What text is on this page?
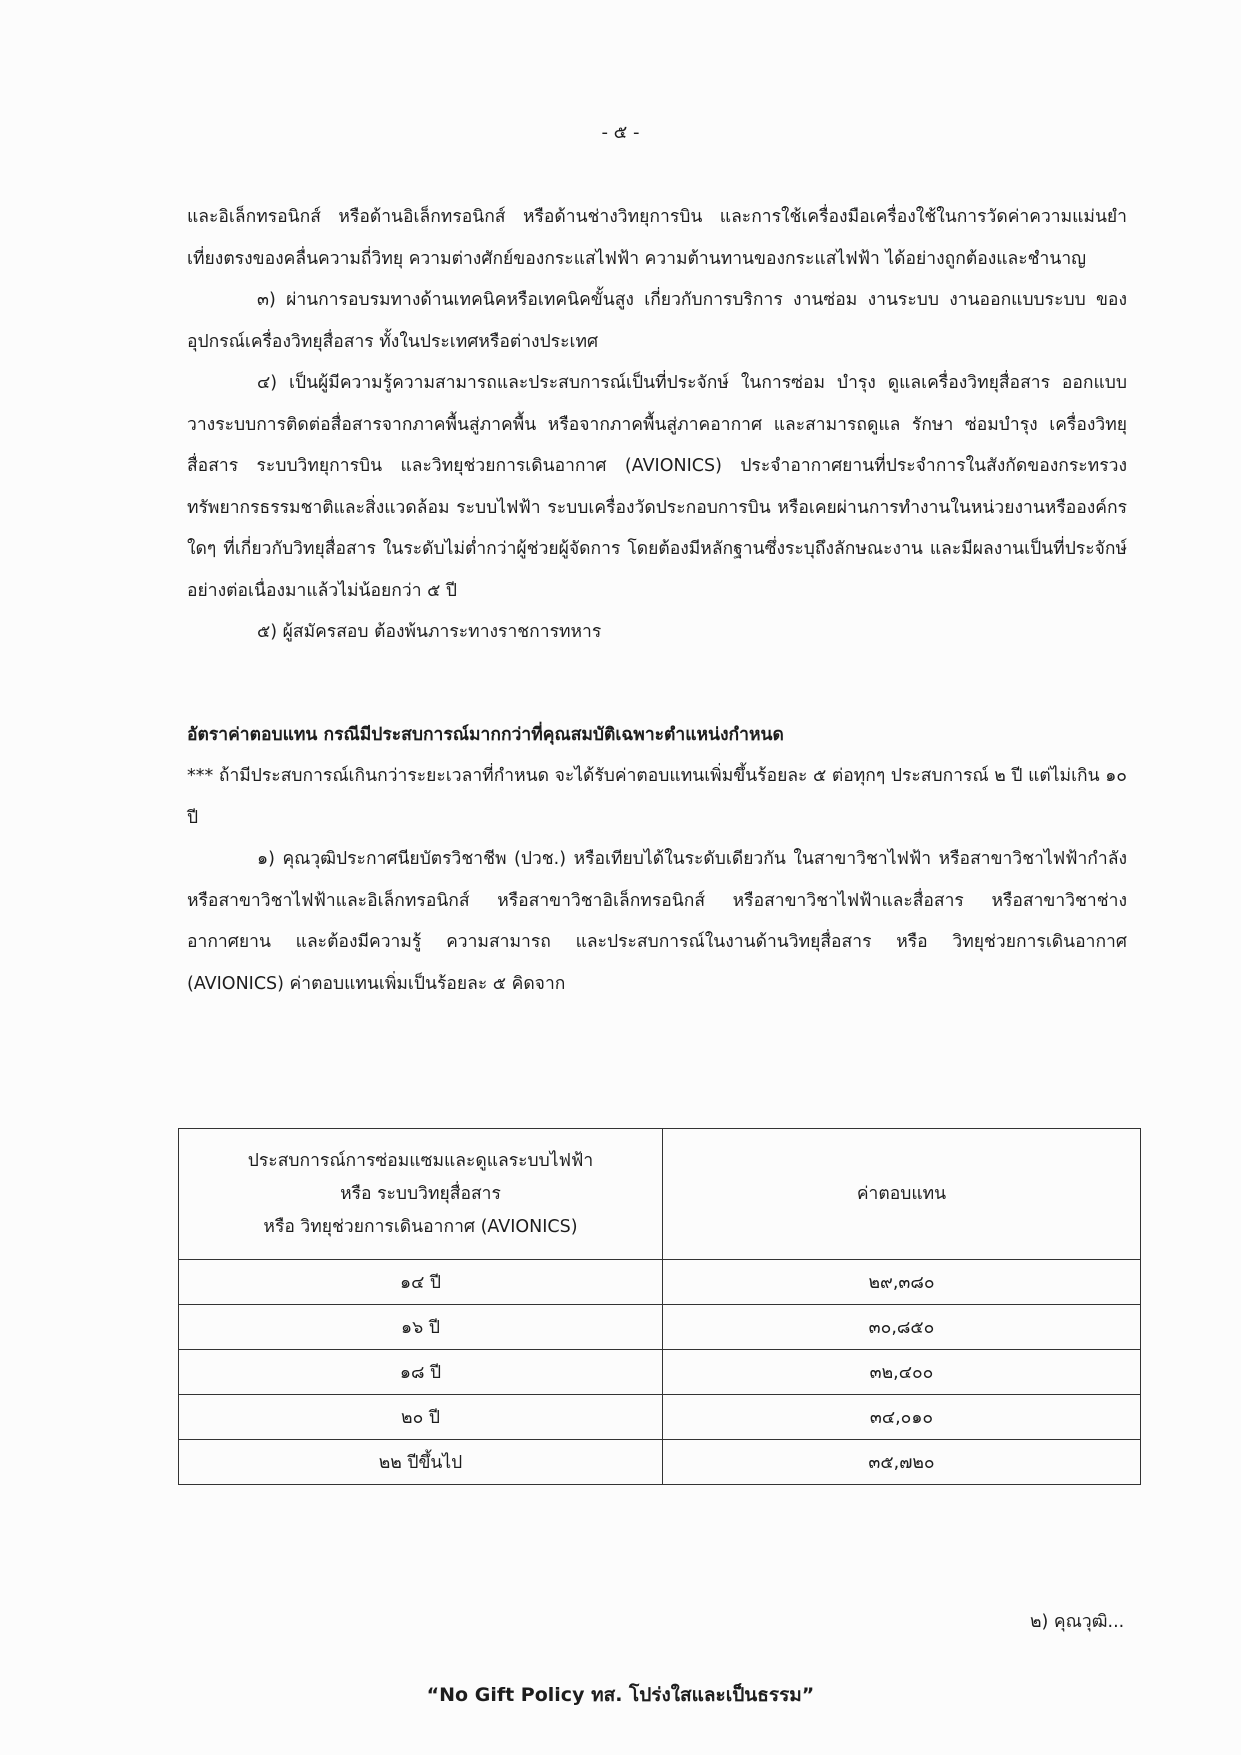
- ๕ -

และอิเล็กทรอนิกส์ หรือด้านอิเล็กทรอนิกส์ หรือด้านช่างวิทยุการบิน และการใช้เครื่องมือเครื่องใช้ในการวัดค่าความแม่นยำ เที่ยงตรงของคลื่นความถี่วิทยุ ความต่างศักย์ของกระแสไฟฟ้า ความต้านทานของกระแสไฟฟ้า ได้อย่างถูกต้องและชำนาญ

๓) ผ่านการอบรมทางด้านเทคนิคหรือเทคนิคขั้นสูง เกี่ยวกับการบริการ งานซ่อม งานระบบ งานออกแบบระบบ ของอุปกรณ์เครื่องวิทยุสื่อสาร ทั้งในประเทศหรือต่างประเทศ

๔) เป็นผู้มีความรู้ความสามารถและประสบการณ์เป็นที่ประจักษ์ ในการซ่อม บำรุง ดูแลเครื่องวิทยุสื่อสาร ออกแบบ วางระบบการติดต่อสื่อสารจากภาคพื้นสู่ภาคพื้น หรือจากภาคพื้นสู่ภาคอากาศ และสามารถดูแล รักษา ซ่อมบำรุง เครื่องวิทยุสื่อสาร ระบบวิทยุการบิน และวิทยุช่วยการเดินอากาศ (AVIONICS) ประจำอากาศยานที่ประจำการในสังกัดของกระทรวงทรัพยากรธรรมชาติและสิ่งแวดล้อม ระบบไฟฟ้า ระบบเครื่องวัดประกอบการบิน หรือเคยผ่านการทำงานในหน่วยงานหรือองค์กรใดๆ ที่เกี่ยวกับวิทยุสื่อสาร ในระดับไม่ต่ำกว่าผู้ช่วยผู้จัดการ โดยต้องมีหลักฐานซึ่งระบุถึงลักษณะงาน และมีผลงานเป็นที่ประจักษ์อย่างต่อเนื่องมาแล้วไม่น้อยกว่า ๕ ปี

๕) ผู้สมัครสอบ ต้องพ้นภาระทางราชการทหาร

อัตราค่าตอบแทน กรณีมีประสบการณ์มากกว่าที่คุณสมบัติเฉพาะตำแหน่งกำหนด

*** ถ้ามีประสบการณ์เกินกว่าระยะเวลาที่กำหนด จะได้รับค่าตอบแทนเพิ่มขึ้นร้อยละ ๕ ต่อทุกๆ ประสบการณ์ ๒ ปี แต่ไม่เกิน ๑๐ ปี

๑) คุณวุฒิประกาศนียบัตรวิชาชีพ (ปวช.) หรือเทียบได้ในระดับเดียวกัน ในสาขาวิชาไฟฟ้า หรือสาขาวิชาไฟฟ้ากำลัง หรือสาขาวิชาไฟฟ้าและอิเล็กทรอนิกส์ หรือสาขาวิชาอิเล็กทรอนิกส์ หรือสาขาวิชาไฟฟ้าและสื่อสาร หรือสาขาวิชาช่างอากาศยาน และต้องมีความรู้ ความสามารถ และประสบการณ์ในงานด้านวิทยุสื่อสาร หรือ วิทยุช่วยการเดินอากาศ (AVIONICS) ค่าตอบแทนเพิ่มเป็นร้อยละ ๕ คิดจาก

ประสบการณ์การซ่อมแซมและดูแลระบบไฟฟ้า
หรือ ระบบวิทยุสื่อสาร
หรือ วิทยุช่วยการเดินอากาศ (AVIONICS)	ค่าตอบแทน
๑๔ ปี	๒๙,๓๘๐
๑๖ ปี	๓๐,๘๕๐
๑๘ ปี	๓๒,๔๐๐
๒๐ ปี	๓๔,๐๑๐
๒๒ ปีขึ้นไป	๓๕,๗๒๐
๒) คุณวุฒิ...
“No Gift Policy ทส. โปร่งใสและเป็นธรรม”
